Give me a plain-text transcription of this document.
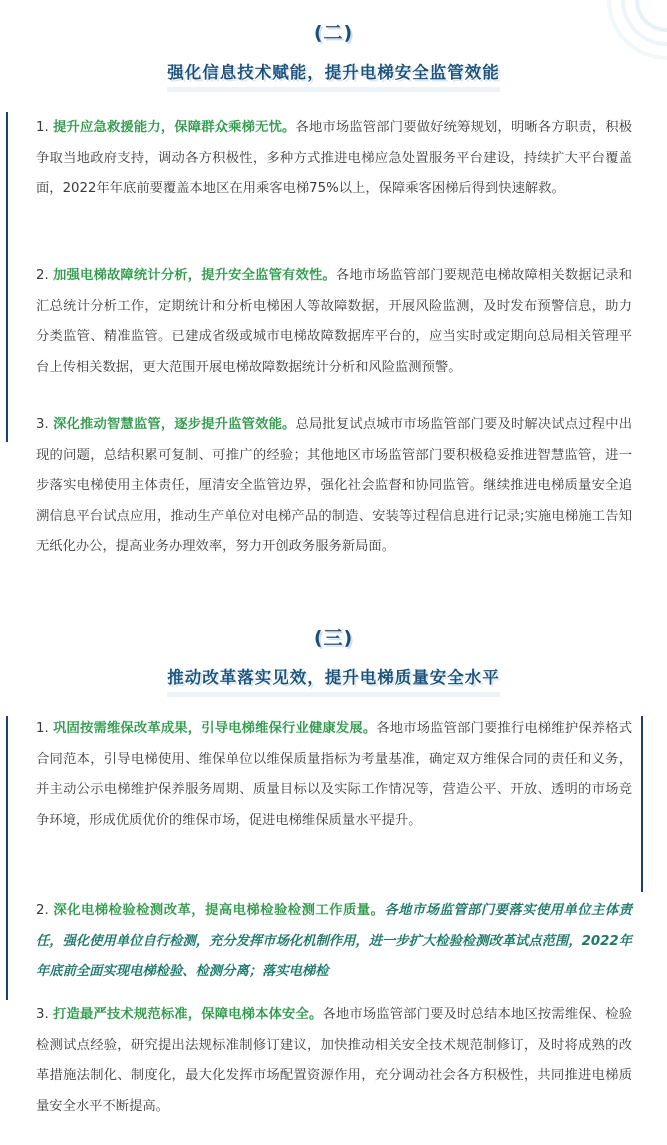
(二)
强化信息技术赋能，提升电梯安全监管效能
1. 提升应急救援能力，保障群众乘梯无忧。各地市场监管部门要做好统筹规划，明晰各方职责，积极争取当地政府支持，调动各方积极性，多种方式推进电梯应急处置服务平台建设，持续扩大平台覆盖面，2022年年底前要覆盖本地区在用乘客电梯75%以上，保障乘客困梯后得到快速解救。
2. 加强电梯故障统计分析，提升安全监管有效性。各地市场监管部门要规范电梯故障相关数据记录和汇总统计分析工作，定期统计和分析电梯困人等故障数据，开展风险监测，及时发布预警信息，助力分类监管、精准监管。已建成省级或城市电梯故障数据库平台的，应当实时或定期向总局相关管理平台上传相关数据，更大范围开展电梯故障数据统计分析和风险监测预警。
3. 深化推动智慧监管，逐步提升监管效能。总局批复试点城市市场监管部门要及时解决试点过程中出现的问题，总结积累可复制、可推广的经验；其他地区市场监管部门要积极稳妥推进智慧监管，进一步落实电梯使用主体责任，厘清安全监管边界，强化社会监督和协同监管。继续推进电梯质量安全追溯信息平台试点应用，推动生产单位对电梯产品的制造、安装等过程信息进行记录;实施电梯施工告知无纸化办公，提高业务办理效率，努力开创政务服务新局面。
(三)
推动改革落实见效，提升电梯质量安全水平
1. 巩固按需维保改革成果，引导电梯维保行业健康发展。各地市场监管部门要推行电梯维护保养格式合同范本，引导电梯使用、维保单位以维保质量指标为考量基准，确定双方维保合同的责任和义务，并主动公示电梯维护保养服务周期、质量目标以及实际工作情况等，营造公平、开放、透明的市场竞争环境，形成优质优价的维保市场，促进电梯维保质量水平提升。
2. 深化电梯检验检测改革，提高电梯检验检测工作质量。各地市场监管部门要落实使用单位主体责任，强化使用单位自行检测，充分发挥市场化机制作用，进一步扩大检验检测改革试点范围，2022年年底前全面实现电梯检验、检测分离；落实电梯检
3. 打造最严技术规范标准，保障电梯本体安全。各地市场监管部门要及时总结本地区按需维保、检验检测试点经验，研究提出法规标准制修订建议，加快推动相关安全技术规范制修订，及时将成熟的改革措施法制化、制度化，最大化发挥市场配置资源作用，充分调动社会各方积极性，共同推进电梯质量安全水平不断提高。
